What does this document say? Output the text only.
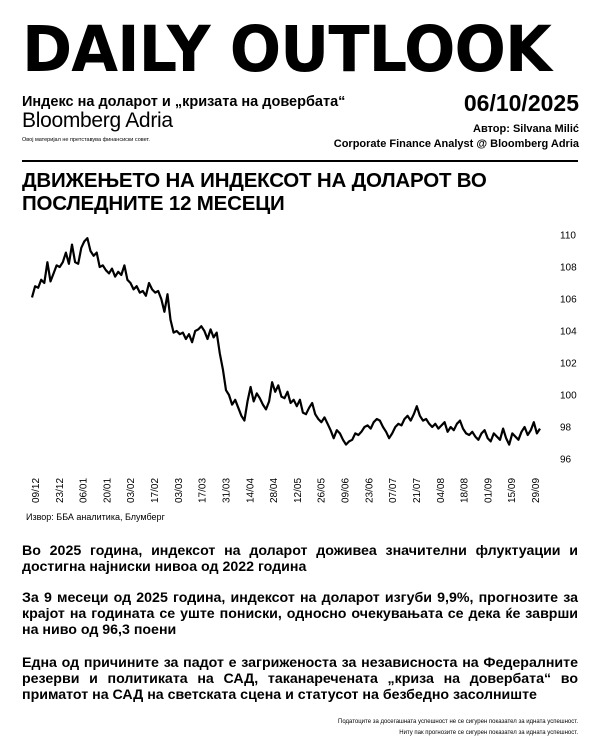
DAILY OUTLOOK
Индекс на доларот и „кризата на довербата“
Bloomberg Adria
Овој материјал не претставува финансиски совет.
06/10/2025
Автор: Silvana Milić
Corporate Finance Analyst @ Bloomberg Adria
ДВИЖЕЊЕТО НА ИНДЕКСОТ НА ДОЛАРОТ ВО ПОСЛЕДНИТЕ 12 МЕСЕЦИ
96
98
100
102
104
106
108
110
09/12 23/12 06/01 20/01 03/02 17/02 03/03 17/03 31/03 14/04 28/04 12/05 26/05 09/06 23/06 07/07 21/07 04/08 18/08 01/09 15/09 29/09
Извор: ББА аналитика, Блумберг
Во 2025 година, индексот на доларот доживеа значителни флуктуации и достигна најниски нивоа од 2022 година
За 9 месеци од 2025 година, индексот на доларот изгуби 9,9%, прогнозите за крајот на годината се уште пониски, односно очекувањата се дека ќе заврши на ниво од 96,3 поени
Една од причините за падот е загриженоста за независноста на Федералните резерви и политиката на САД, таканаречената „криза на довербата“ во приматот на САД на светската сцена и статусот на безбедно засолниште
Податоците за досегашната успешност не се сигурен показател за идната успешност.
Ниту пак прогнозите се сигурен показател за идната успешност.
